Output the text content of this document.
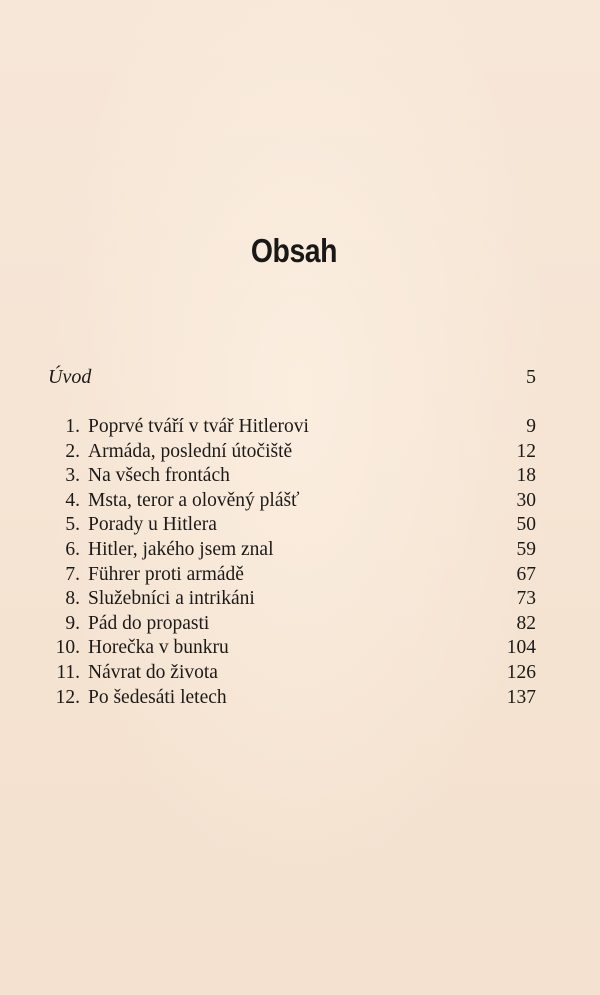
Obsah
Úvod	5
1. Poprvé tváří v tvář Hitlerovi	9
2. Armáda, poslední útočiště	12
3. Na všech frontách	18
4. Msta, teror a olověný plášť	30
5. Porady u Hitlera	50
6. Hitler, jakého jsem znal	59
7. Führer proti armádě	67
8. Služebníci a intrikáni	73
9. Pád do propasti	82
10. Horečka v bunkru	104
11. Návrat do života	126
12. Po šedesáti letech	137
